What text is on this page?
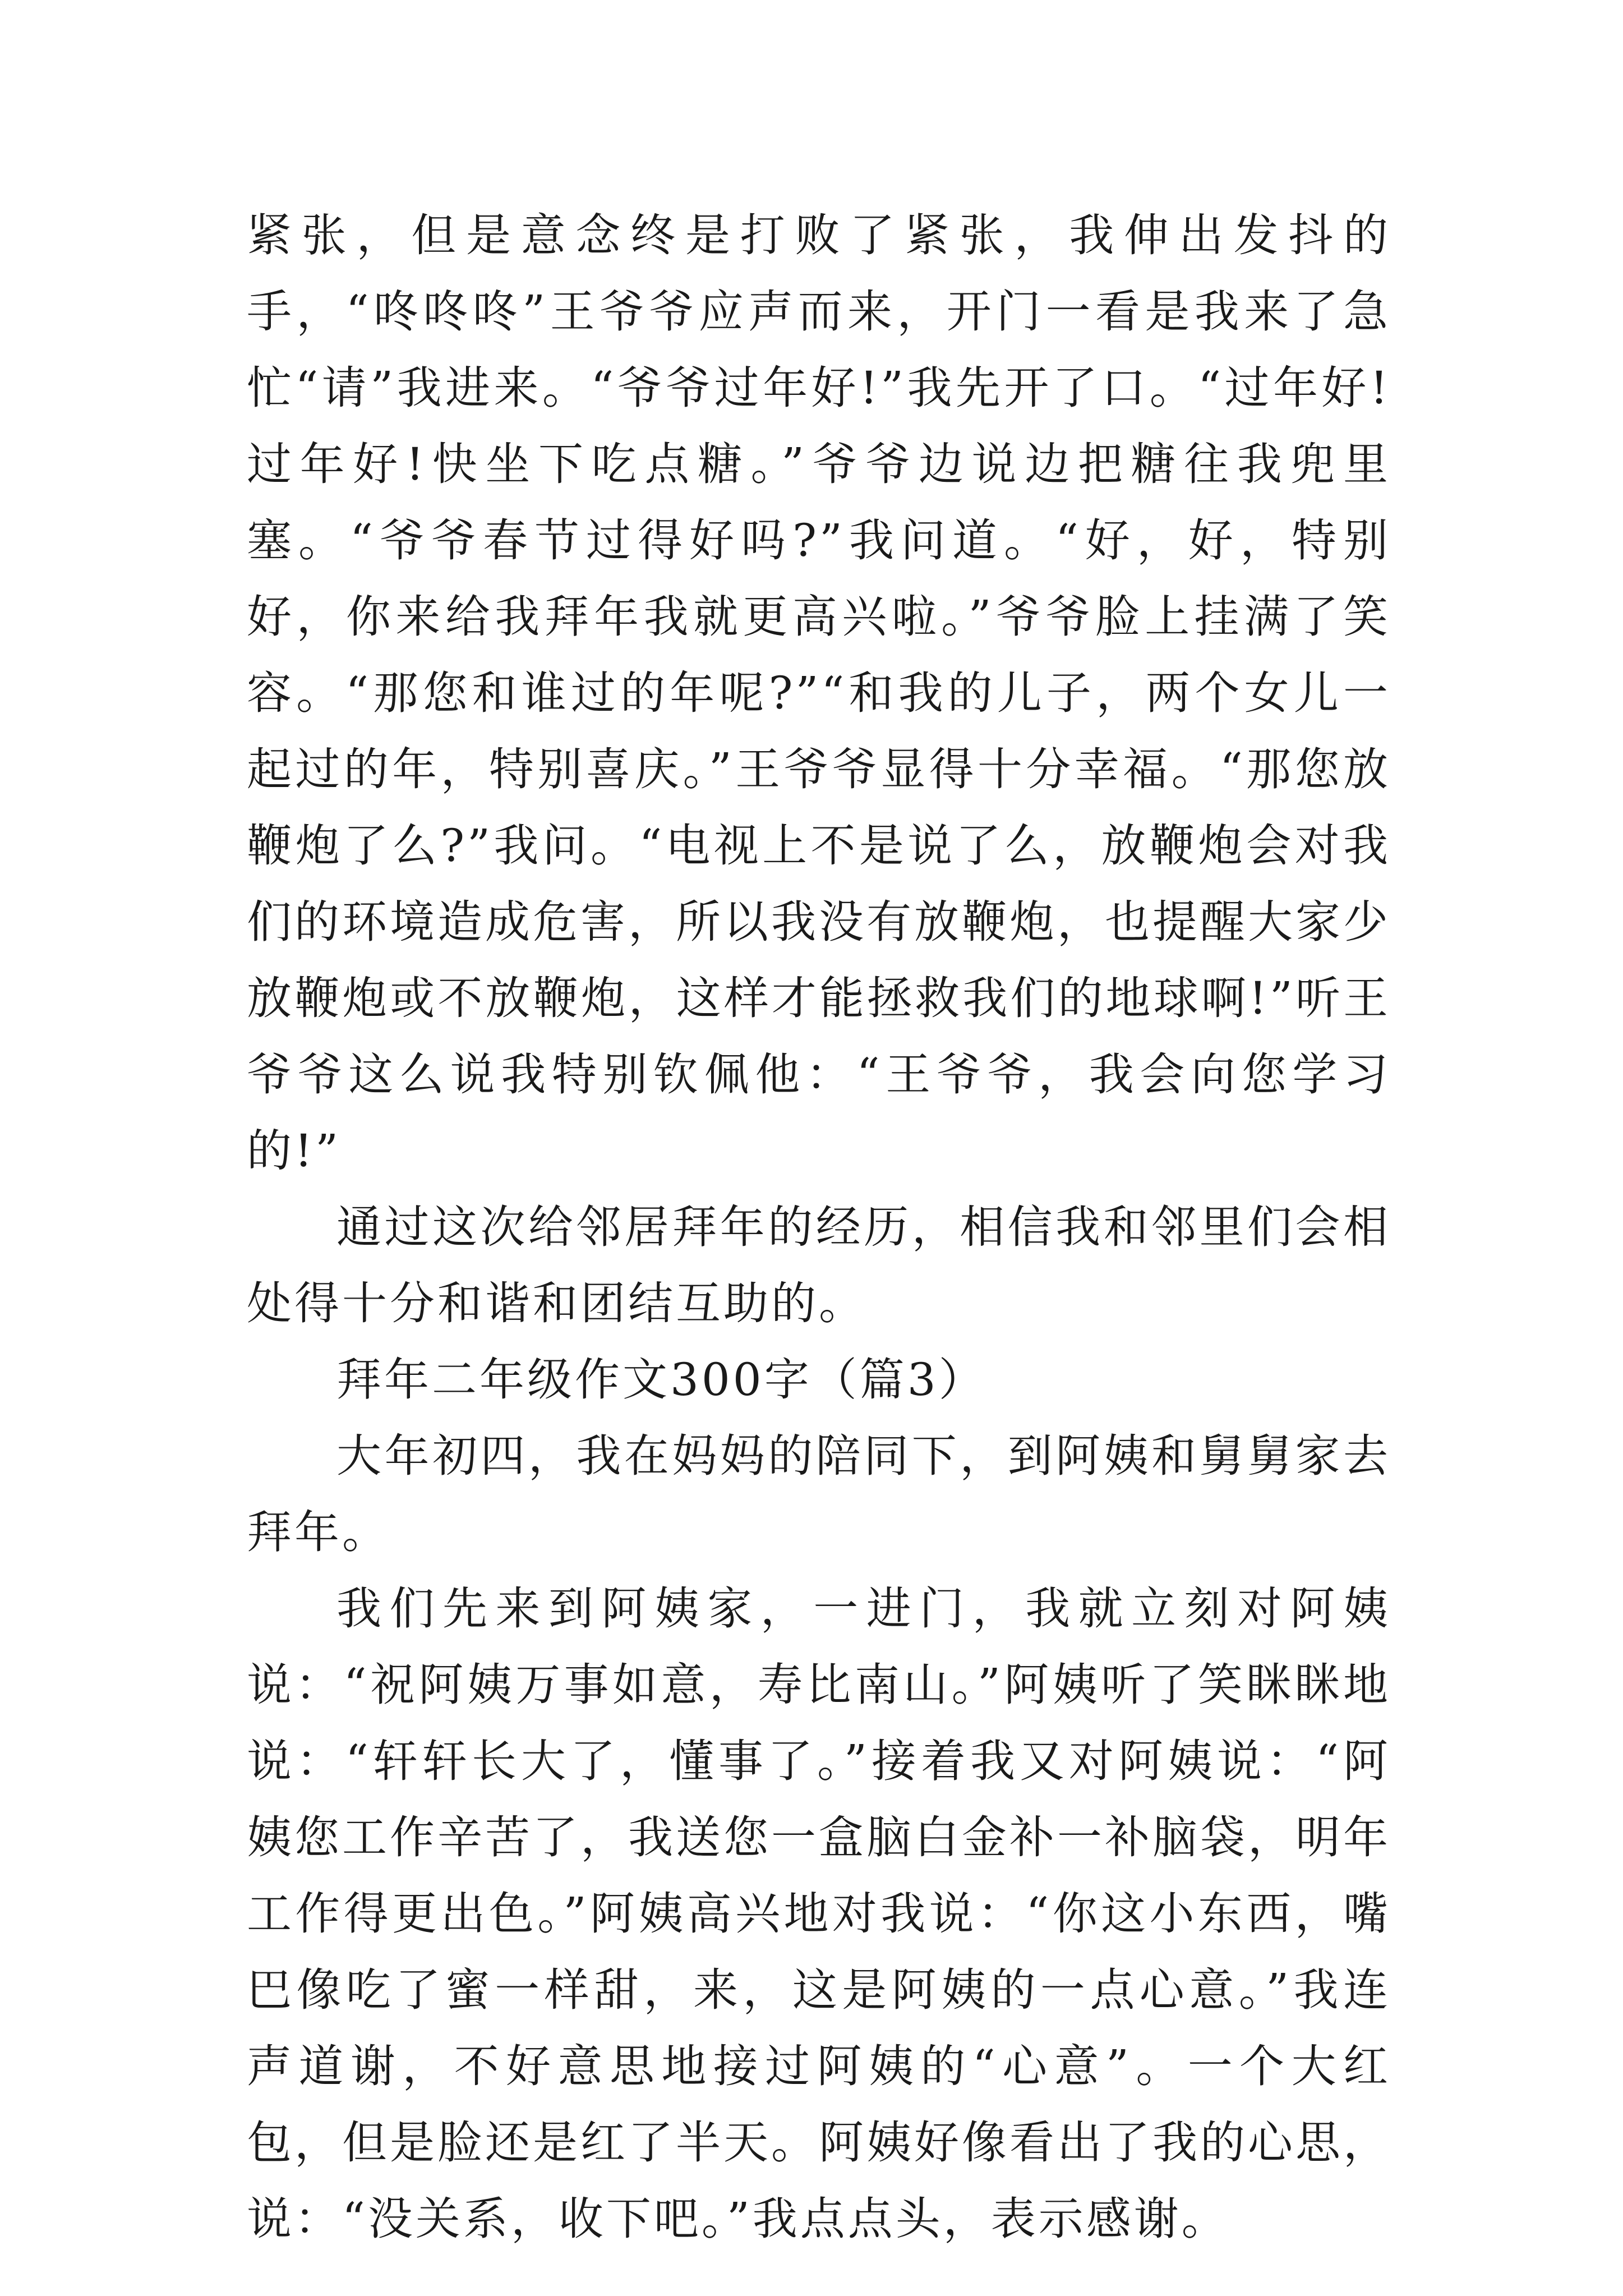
紧张，但是意念终是打败了紧张，我伸出发抖的手，“咚咚咚”王爷爷应声而来，开门一看是我来了急忙“请”我进来。“爷爷过年好!”我先开了口。“过年好!过年好!快坐下吃点糖。”爷爷边说边把糖往我兜里塞。“爷爷春节过得好吗?”我问道。“好，好，特别好，你来给我拜年我就更高兴啦。”爷爷脸上挂满了笑容。“那您和谁过的年呢?”“和我的儿子，两个女儿一起过的年，特别喜庆。”王爷爷显得十分幸福。“那您放鞭炮了么?”我问。“电视上不是说了么，放鞭炮会对我们的环境造成危害，所以我没有放鞭炮，也提醒大家少放鞭炮或不放鞭炮，这样才能拯救我们的地球啊!”听王爷爷这么说我特别钦佩他：“王爷爷，我会向您学习的!”

通过这次给邻居拜年的经历，相信我和邻里们会相处得十分和谐和团结互助的。

拜年二年级作文300字（篇3）

大年初四，我在妈妈的陪同下，到阿姨和舅舅家去拜年。

我们先来到阿姨家，一进门，我就立刻对阿姨说：“祝阿姨万事如意，寿比南山。”阿姨听了笑眯眯地说：“轩轩长大了，懂事了。”接着我又对阿姨说：“阿姨您工作辛苦了，我送您一盒脑白金补一补脑袋，明年工作得更出色。”阿姨高兴地对我说：“你这小东西，嘴巴像吃了蜜一样甜，来，这是阿姨的一点心意。”我连声道谢，不好意思地接过阿姨的“心意”。一个大红包，但是脸还是红了半天。阿姨好像看出了我的心思，说：“没关系，收下吧。”我点点头，表示感谢。
